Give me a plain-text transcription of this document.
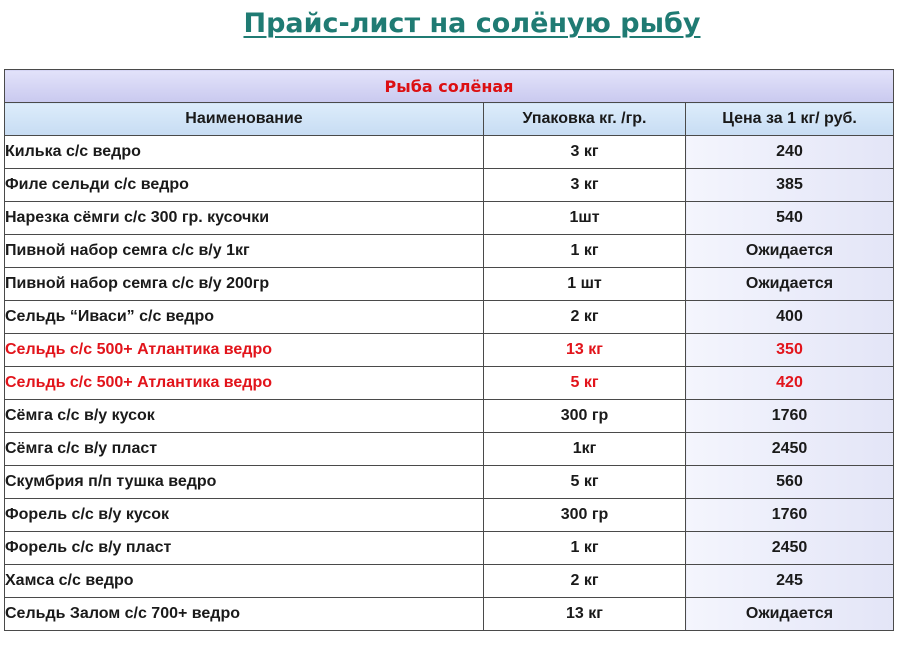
Прайс-лист на солёную рыбу
Рыба солёная		
Наименование	Упаковка кг. /гр.	Цена за 1 кг/ руб.
Килька с/с ведро	3 кг	240
Филе сельди с/с ведро	3 кг	385
Нарезка сёмги с/с 300 гр. кусочки	1шт	540
Пивной набор семга с/с в/у 1кг	1 кг	Ожидается
Пивной набор семга с/с в/у 200гр	1 шт	Ожидается
Сельдь “Иваси” с/с ведро	2 кг	400
Сельдь с/с 500+ Атлантика ведро	13 кг	350
Сельдь с/с 500+ Атлантика ведро	5 кг	420
Сёмга с/с в/у кусок	300 гр	1760
Сёмга с/с в/у пласт	1кг	2450
Скумбрия п/п тушка ведро	5 кг	560
Форель с/с в/у кусок	300 гр	1760
Форель с/с в/у пласт	1 кг	2450
Хамса с/с ведро	2 кг	245
Сельдь Залом с/с 700+ ведро	13 кг	Ожидается
